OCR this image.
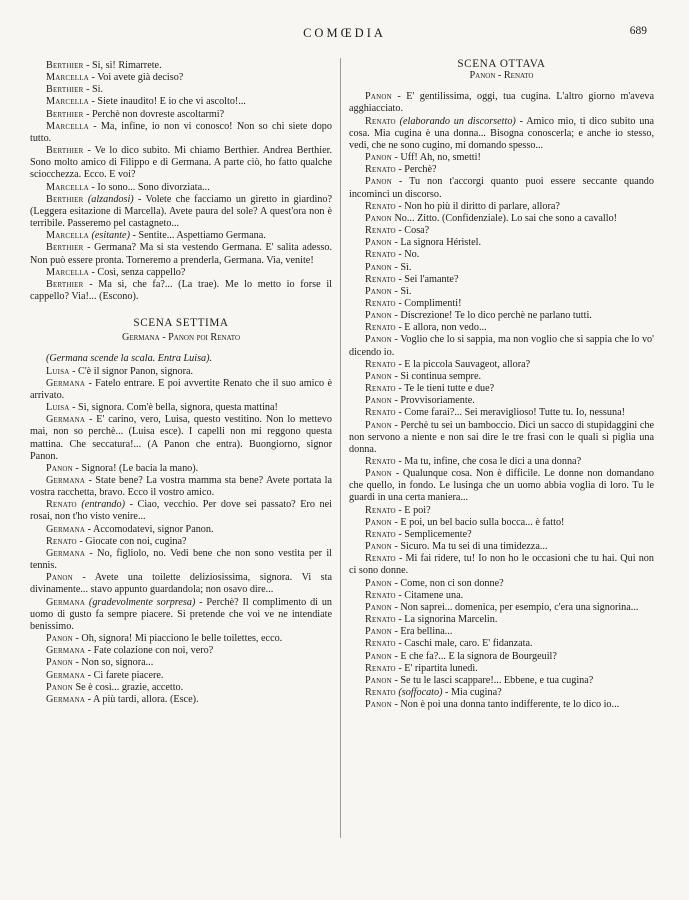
COMŒDIA	689

Berthier - Si, si! Rimarrete.

Marcella - Voi avete già deciso?

Berthier - Si.

Marcella - Siete inaudito! E io che vi ascolto!...

Berthier - Perchè non dovreste ascoltarmi?

Marcella - Ma, infine, io non vi conosco! Non so chi siete dopo tutto.

Berthier - Ve lo dico subito. Mi chiamo Berthier. Andrea Berthier. Sono molto amico di Filippo e di Germana. A parte ciò, ho fatto qualche sciocchezza. Ecco. E voi?

Marcella - Io sono... Sono divorziata...

Berthier (alzandosi) - Volete che facciamo un giretto in giardino? (Leggera esitazione di Marcella). Avete paura del sole? A quest'ora non è terribile. Passeremo pel castagneto...

Marcella (esitante) - Sentite... Aspettiamo Germana.

Berthier - Germana? Ma si sta vestendo Germana. E' salita adesso. Non può essere pronta. Torneremo a prenderla, Germana. Via, venite!

Marcella - Così, senza cappello?

Berthier - Ma sì, che fa?... (La trae). Me lo metto io forse il cappello? Via!... (Escono).

SCENA SETTIMA

Germana - Panon poi Renato

(Germana scende la scala. Entra Luisa).

Luisa - C'è il signor Panon, signora.

Germana - Fatelo entrare. E poi avvertite Renato che il suo amico è arrivato.

Luisa - Sì, signora. Com'è bella, signora, questa mattina!

Germana - E' carino, vero, Luisa, questo vestitino. Non lo mettevo mai, non so perchè... (Luisa esce). I capelli non mi reggono questa mattina. Che seccatura!... (A Panon che entra). Buongiorno, signor Panon.

Panon - Signora! (Le bacia la mano).

Germana - State bene? La vostra mamma sta bene? Avete portata la vostra racchetta, bravo. Ecco il vostro amico.

Renato (entrando) - Ciao, vecchio. Per dove sei passato? Ero nei rosai, non t'ho visto venire...

Germana - Accomodatevi, signor Panon.

Renato - Giocate con noi, cugina?

Germana - No, figliolo, no. Vedi bene che non sono vestita per il tennis.

Panon - Avete una toilette deliziosissima, signora. Vi sta divinamente... stavo appunto guardandola; non osavo dire...

Germana (gradevolmente sorpresa) - Perchè? Il complimento di un uomo di gusto fa sempre piacere. Si pretende che voi ve ne intendiate benissimo.

Panon - Oh, signora! Mi piacciono le belle toilettes, ecco.

Germana - Fate colazione con noi, vero?

Panon - Non so, signora...

Germana - Ci farete piacere.

Panon Se è così... grazie, accetto.

Germana - A più tardi, allora. (Esce).

SCENA OTTAVA

Panon - Renato

Panon - E' gentilissima, oggi, tua cugina. L'altro giorno m'aveva agghiacciato.

Renato (elaborando un discorsetto) - Amico mio, ti dico subito una cosa. Mia cugina è una donna... Bisogna conoscerla; e anche io stesso, vedi, che ne sono cugino, mi domando spesso...

Panon - Uff! Ah, no, smetti!

Renato - Perchè?

Panon - Tu non t'accorgi quanto puoi essere seccante quando incominci un discorso.

Renato - Non ho più il diritto di parlare, allora?

Panon No... Zitto. (Confidenziale). Lo sai che sono a cavallo!

Renato - Cosa?

Panon - La signora Héristel.

Renato - No.

Panon - Sì.

Renato - Sei l'amante?

Panon - Sì.

Renato - Complimenti!

Panon - Discrezione! Te lo dico perchè ne parlano tutti.

Renato - E allora, non vedo...

Panon - Voglio che lo si sappia, ma non voglio che si sappia che lo vo' dicendo io.

Renato - E la piccola Sauvageot, allora?

Panon - Si continua sempre.

Renato - Te le tieni tutte e due?

Panon - Provvisoriamente.

Renato - Come farai?... Sei meraviglioso! Tutte tu. Io, nessuna!

Panon - Perchè tu sei un bamboccio. Dici un sacco di stupidaggini che non servono a niente e non sai dire le tre frasi con le quali si piglia una donna.

Renato - Ma tu, infine, che cosa le dici a una donna?

Panon - Qualunque cosa. Non è difficile. Le donne non domandano che quello, in fondo. Le lusinga che un uomo abbia voglia di loro. Tu le guardi in una certa maniera...

Renato - E poi?

Panon - E poi, un bel bacio sulla bocca... è fatto!

Renato - Semplicemente?

Panon - Sicuro. Ma tu sei di una timidezza...

Renato - Mi fai ridere, tu! Io non ho le occasioni che tu hai. Qui non ci sono donne.

Panon - Come, non ci son donne?

Renato - Citamene una.

Panon - Non saprei... domenica, per esempio, c'era una signorina...

Renato - La signorina Marcelin.

Panon - Era bellina...

Renato - Caschi male, caro. E' fidanzata.

Panon - E che fa?... E la signora de Bourgeuil?

Renato - E' ripartita lunedì.

Panon - Se tu le lasci scappare!... Ebbene, e tua cugina?

Renato (soffocato) - Mia cugina?

Panon - Non è poi una donna tanto indifferente, te lo dico io...
